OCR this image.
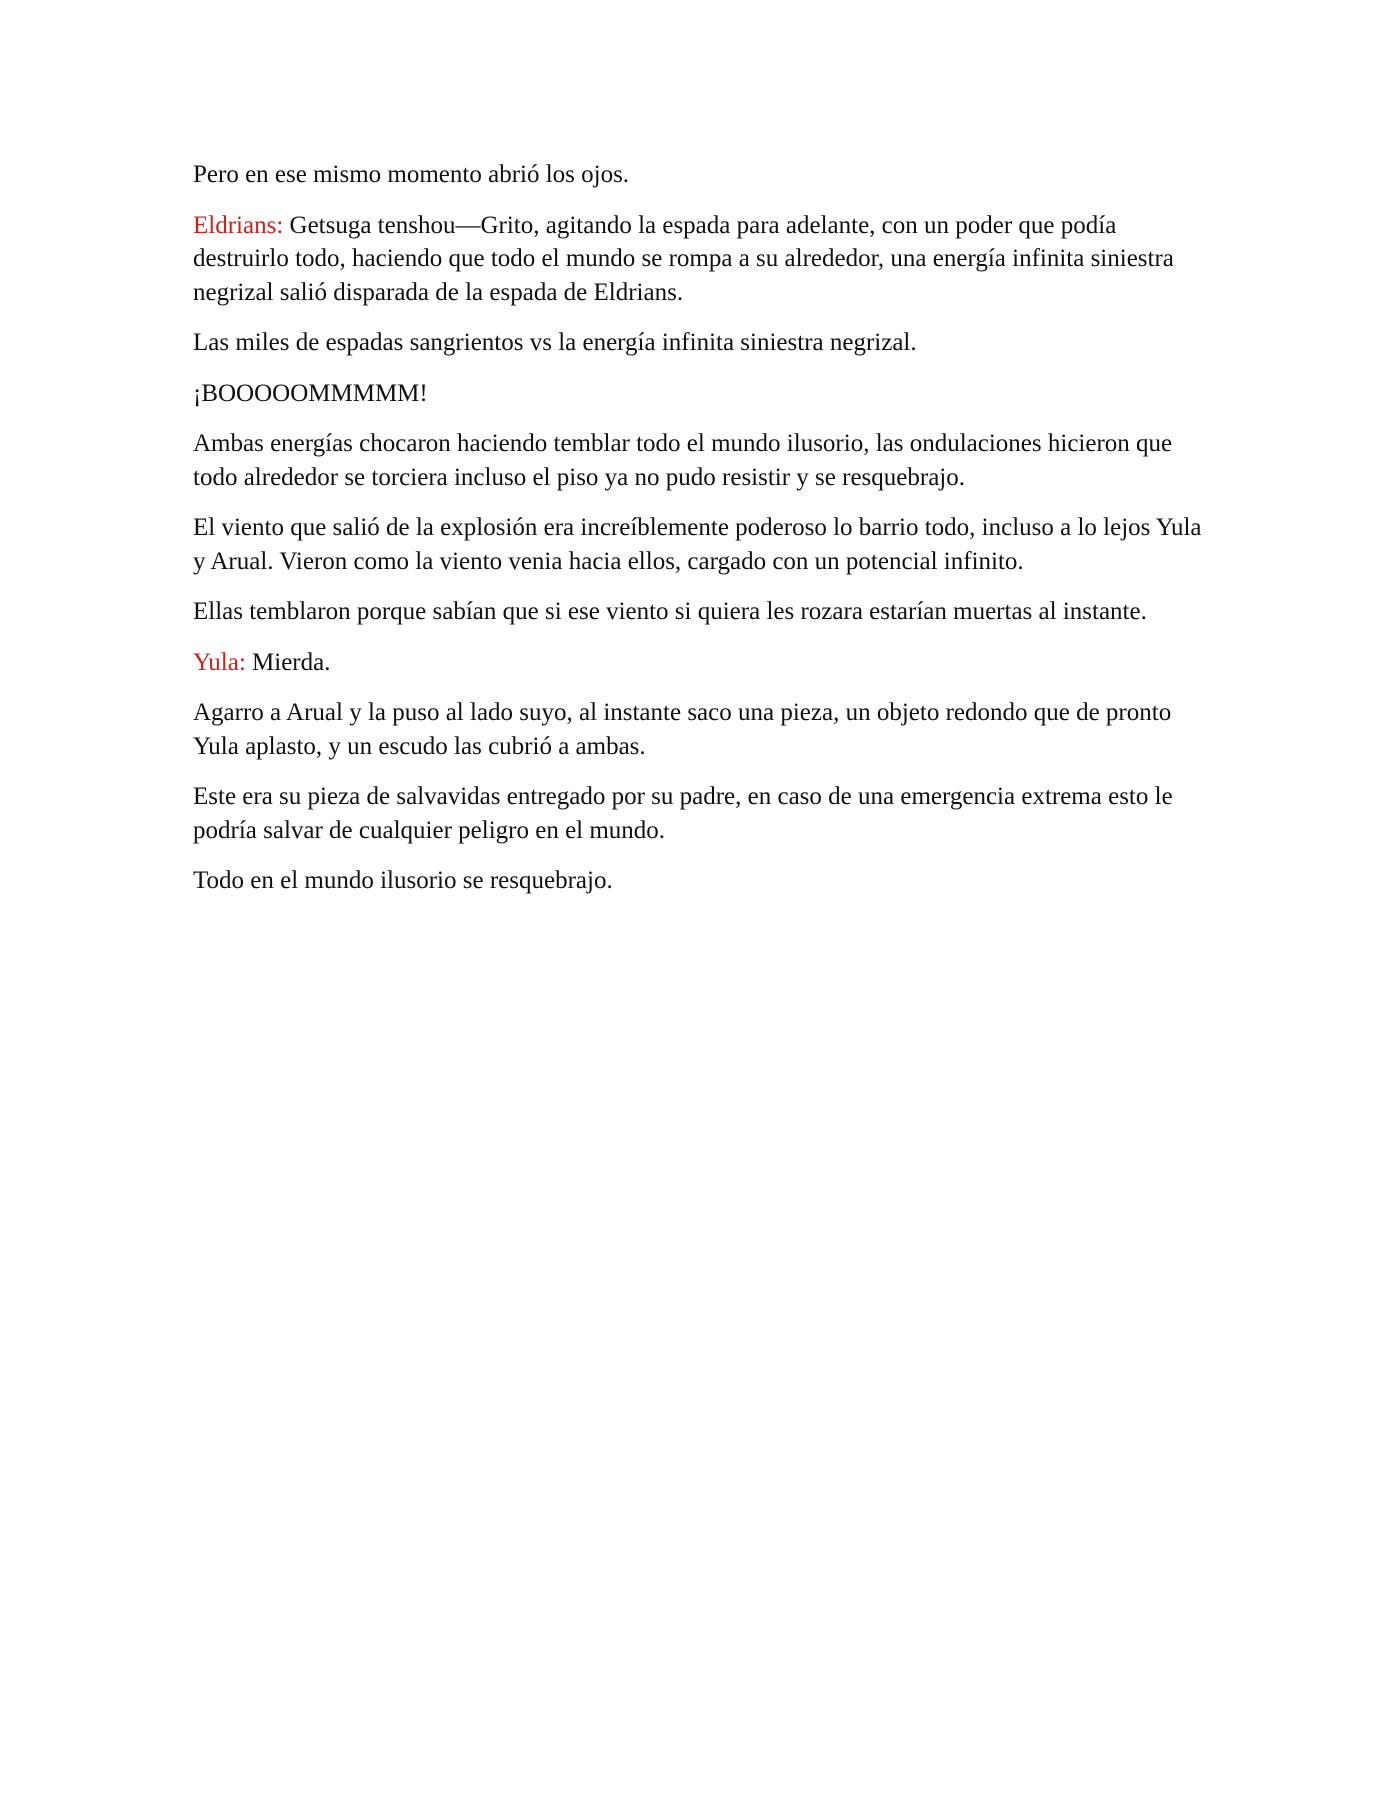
Pero en ese mismo momento abrió los ojos.

Eldrians: Getsuga tenshou—Grito, agitando la espada para adelante, con un poder que podía destruirlo todo, haciendo que todo el mundo se rompa a su alrededor, una energía infinita siniestra negrizal salió disparada de la espada de Eldrians.

Las miles de espadas sangrientos vs la energía infinita siniestra negrizal.

¡BOOOOOMMMMM!

Ambas energías chocaron haciendo temblar todo el mundo ilusorio, las ondulaciones hicieron que todo alrededor se torciera incluso el piso ya no pudo resistir y se resquebrajo.

El viento que salió de la explosión era increíblemente poderoso lo barrio todo, incluso a lo lejos Yula y Arual. Vieron como la viento venia hacia ellos, cargado con un potencial infinito.

Ellas temblaron porque sabían que si ese viento si quiera les rozara estarían muertas al instante.

Yula: Mierda.

Agarro a Arual y la puso al lado suyo, al instante saco una pieza, un objeto redondo que de pronto Yula aplasto, y un escudo las cubrió a ambas.

Este era su pieza de salvavidas entregado por su padre, en caso de una emergencia extrema esto le podría salvar de cualquier peligro en el mundo.

Todo en el mundo ilusorio se resquebrajo.
